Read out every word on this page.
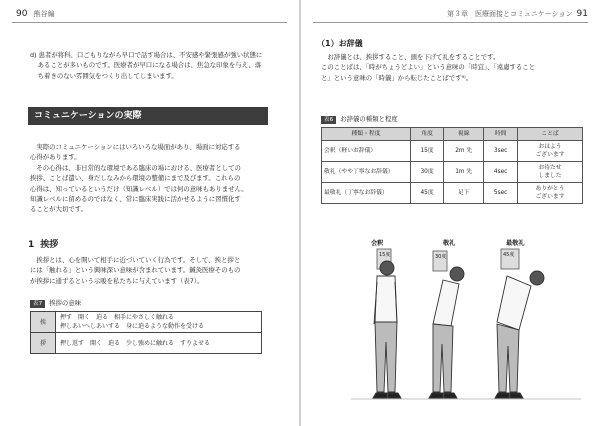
90 熊谷編

d) 患者が将科、口ごもりながら早口で話す場合は、不安感や緊張感が強い状態に

あることが多いものです。医療者が早口になる場合は、焦急な印象を与え、落

ち着きのない雰囲気をつくり出してしまいます。

コミュニケーションの実際

実際のコミュニケーションにはいろいろな場面があり、場面に対応する

心得があります。

その心得は、非日常的な環境である臨床の場における、医療者としての

挨拶、ことば遣い、身だしなみから環境の整備にまで及びます。これらの

心得は、知っているというだけ（知識レベル）では何の意味もありません。

知識レベルに留めるのではなく、常に臨床実践に活かせるように習慣化す

ることが大切です。

1 挨拶

挨拶とは、心を開いて相手に近づいていく行為です。そして、挨と拶と

には「触れる」という興味深い意味が含まれています。鍼灸医療そのもの

が挨拶に通ずるという示唆を私たちに与えています（表7）。

表7 挨拶の意味
挨	押す　開く　迫る　相手にやさしく触れる
押しあいへしあいする　身に迫るような動作を受ける

拶	押し返す　開く　迫る　少し強めに触れる　すりよせる
第３章　医療面接とコミュニケーション 91
（1）お辞儀

お辞儀とは、挨拶すること、頭を下げて礼をすることです。

このことばは、「時がちょうどよい」という意味の「時宜」、「遠慮すること

と」という意味の「時儀」から転じたことばです⁹⁾。

表6 お辞儀の種類と程度
種類・程度	角度	視線	時間	ことば
会釈（軽いお辞儀）	15度	2m 先	3sec	おはよう
ございます

敬礼（やや丁寧なお辞儀）	30度	1m 先	4sec	お待たせ
しました

最敬礼（丁寧なお辞儀）	45度	足下	5sec	ありがとう
ございます
会釈	敬礼	最敬礼
15度	30度	45度
